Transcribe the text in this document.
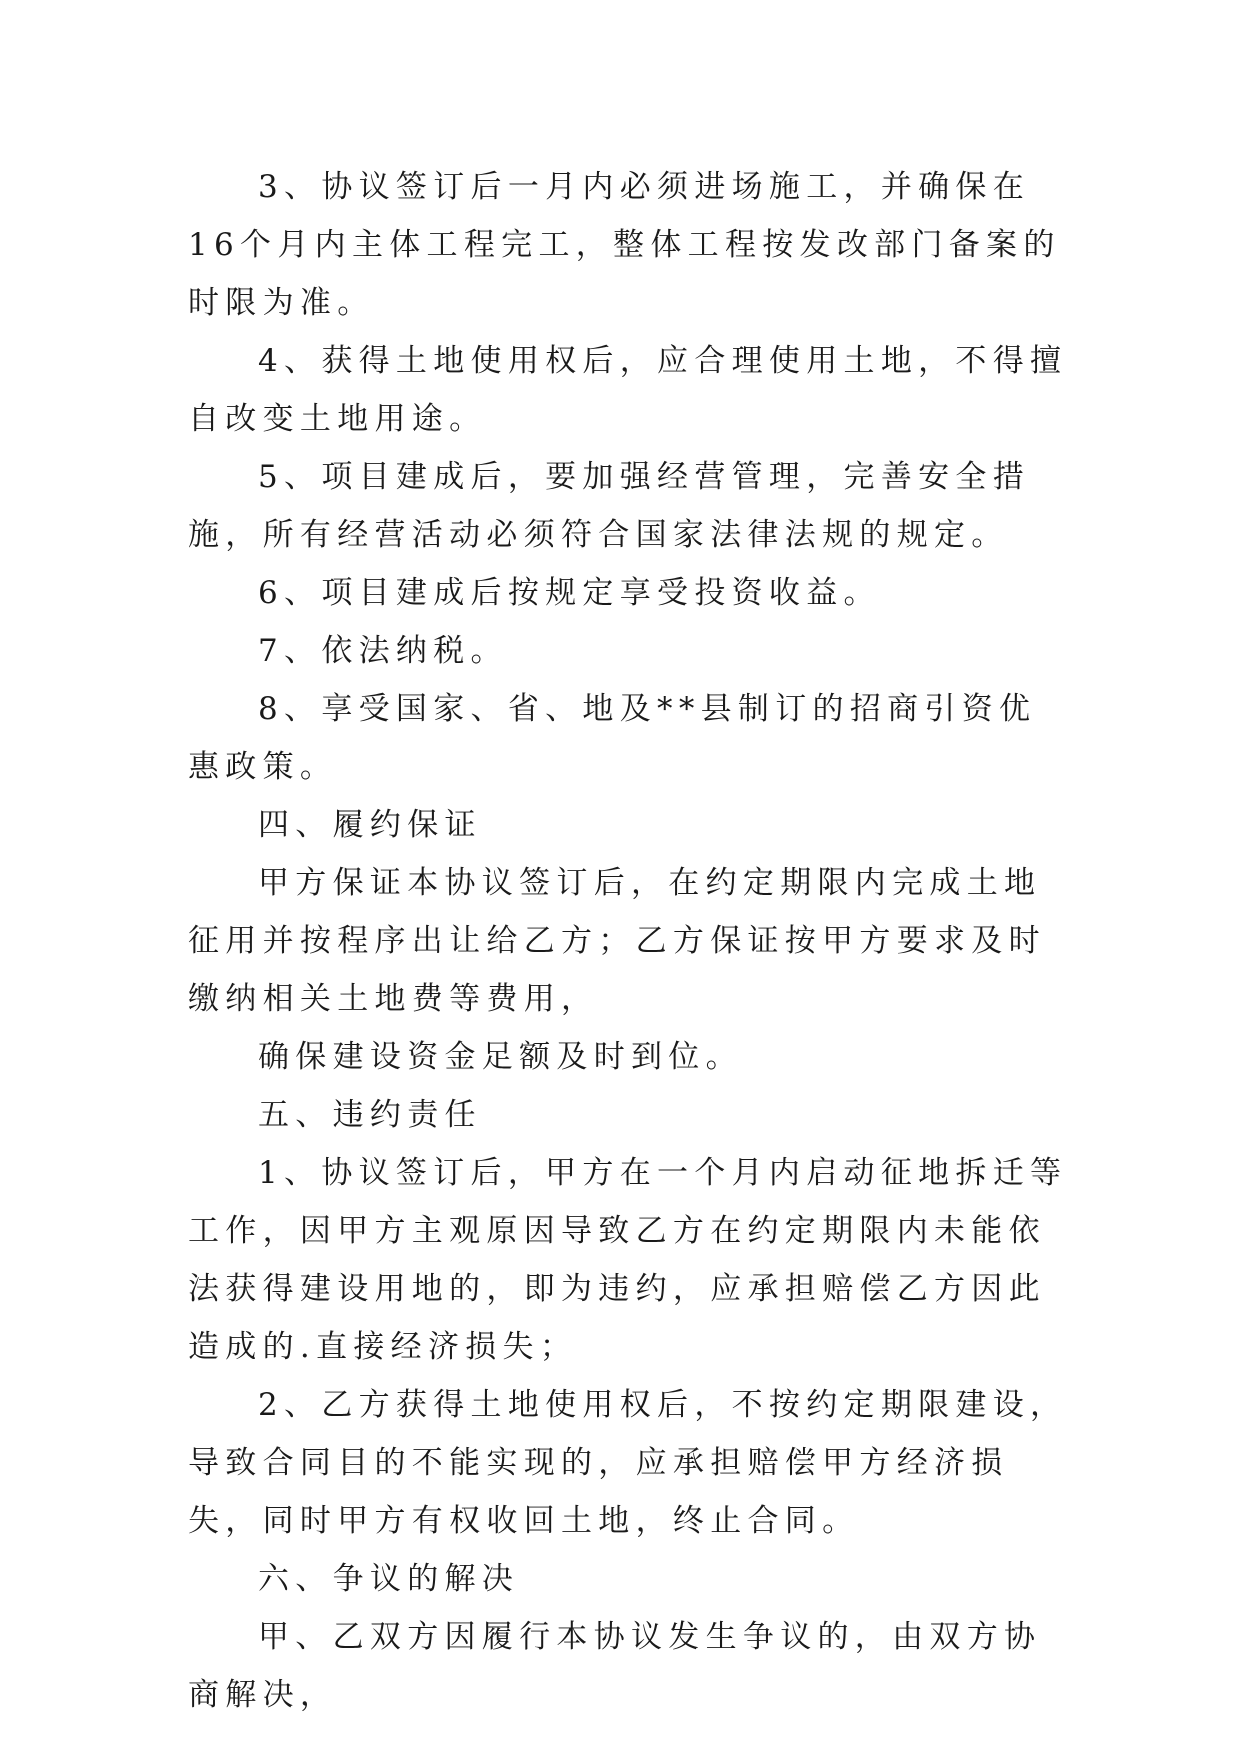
3、协议签订后一月内必须进场施工，并确保在16个月内主体工程完工，整体工程按发改部门备案的时限为准。

4、获得土地使用权后，应合理使用土地，不得擅自改变土地用途。

5、项目建成后，要加强经营管理，完善安全措施，所有经营活动必须符合国家法律法规的规定。

6、项目建成后按规定享受投资收益。

7、依法纳税。

8、享受国家、省、地及**县制订的招商引资优惠政策。

四、履约保证

甲方保证本协议签订后，在约定期限内完成土地征用并按程序出让给乙方；乙方保证按甲方要求及时缴纳相关土地费等费用，

确保建设资金足额及时到位。

五、违约责任

1、协议签订后，甲方在一个月内启动征地拆迁等工作，因甲方主观原因导致乙方在约定期限内未能依法获得建设用地的，即为违约，应承担赔偿乙方因此造成的.直接经济损失；

2、乙方获得土地使用权后，不按约定期限建设，导致合同目的不能实现的，应承担赔偿甲方经济损失，同时甲方有权收回土地，终止合同。

六、争议的解决

甲、乙双方因履行本协议发生争议的，由双方协商解决，
